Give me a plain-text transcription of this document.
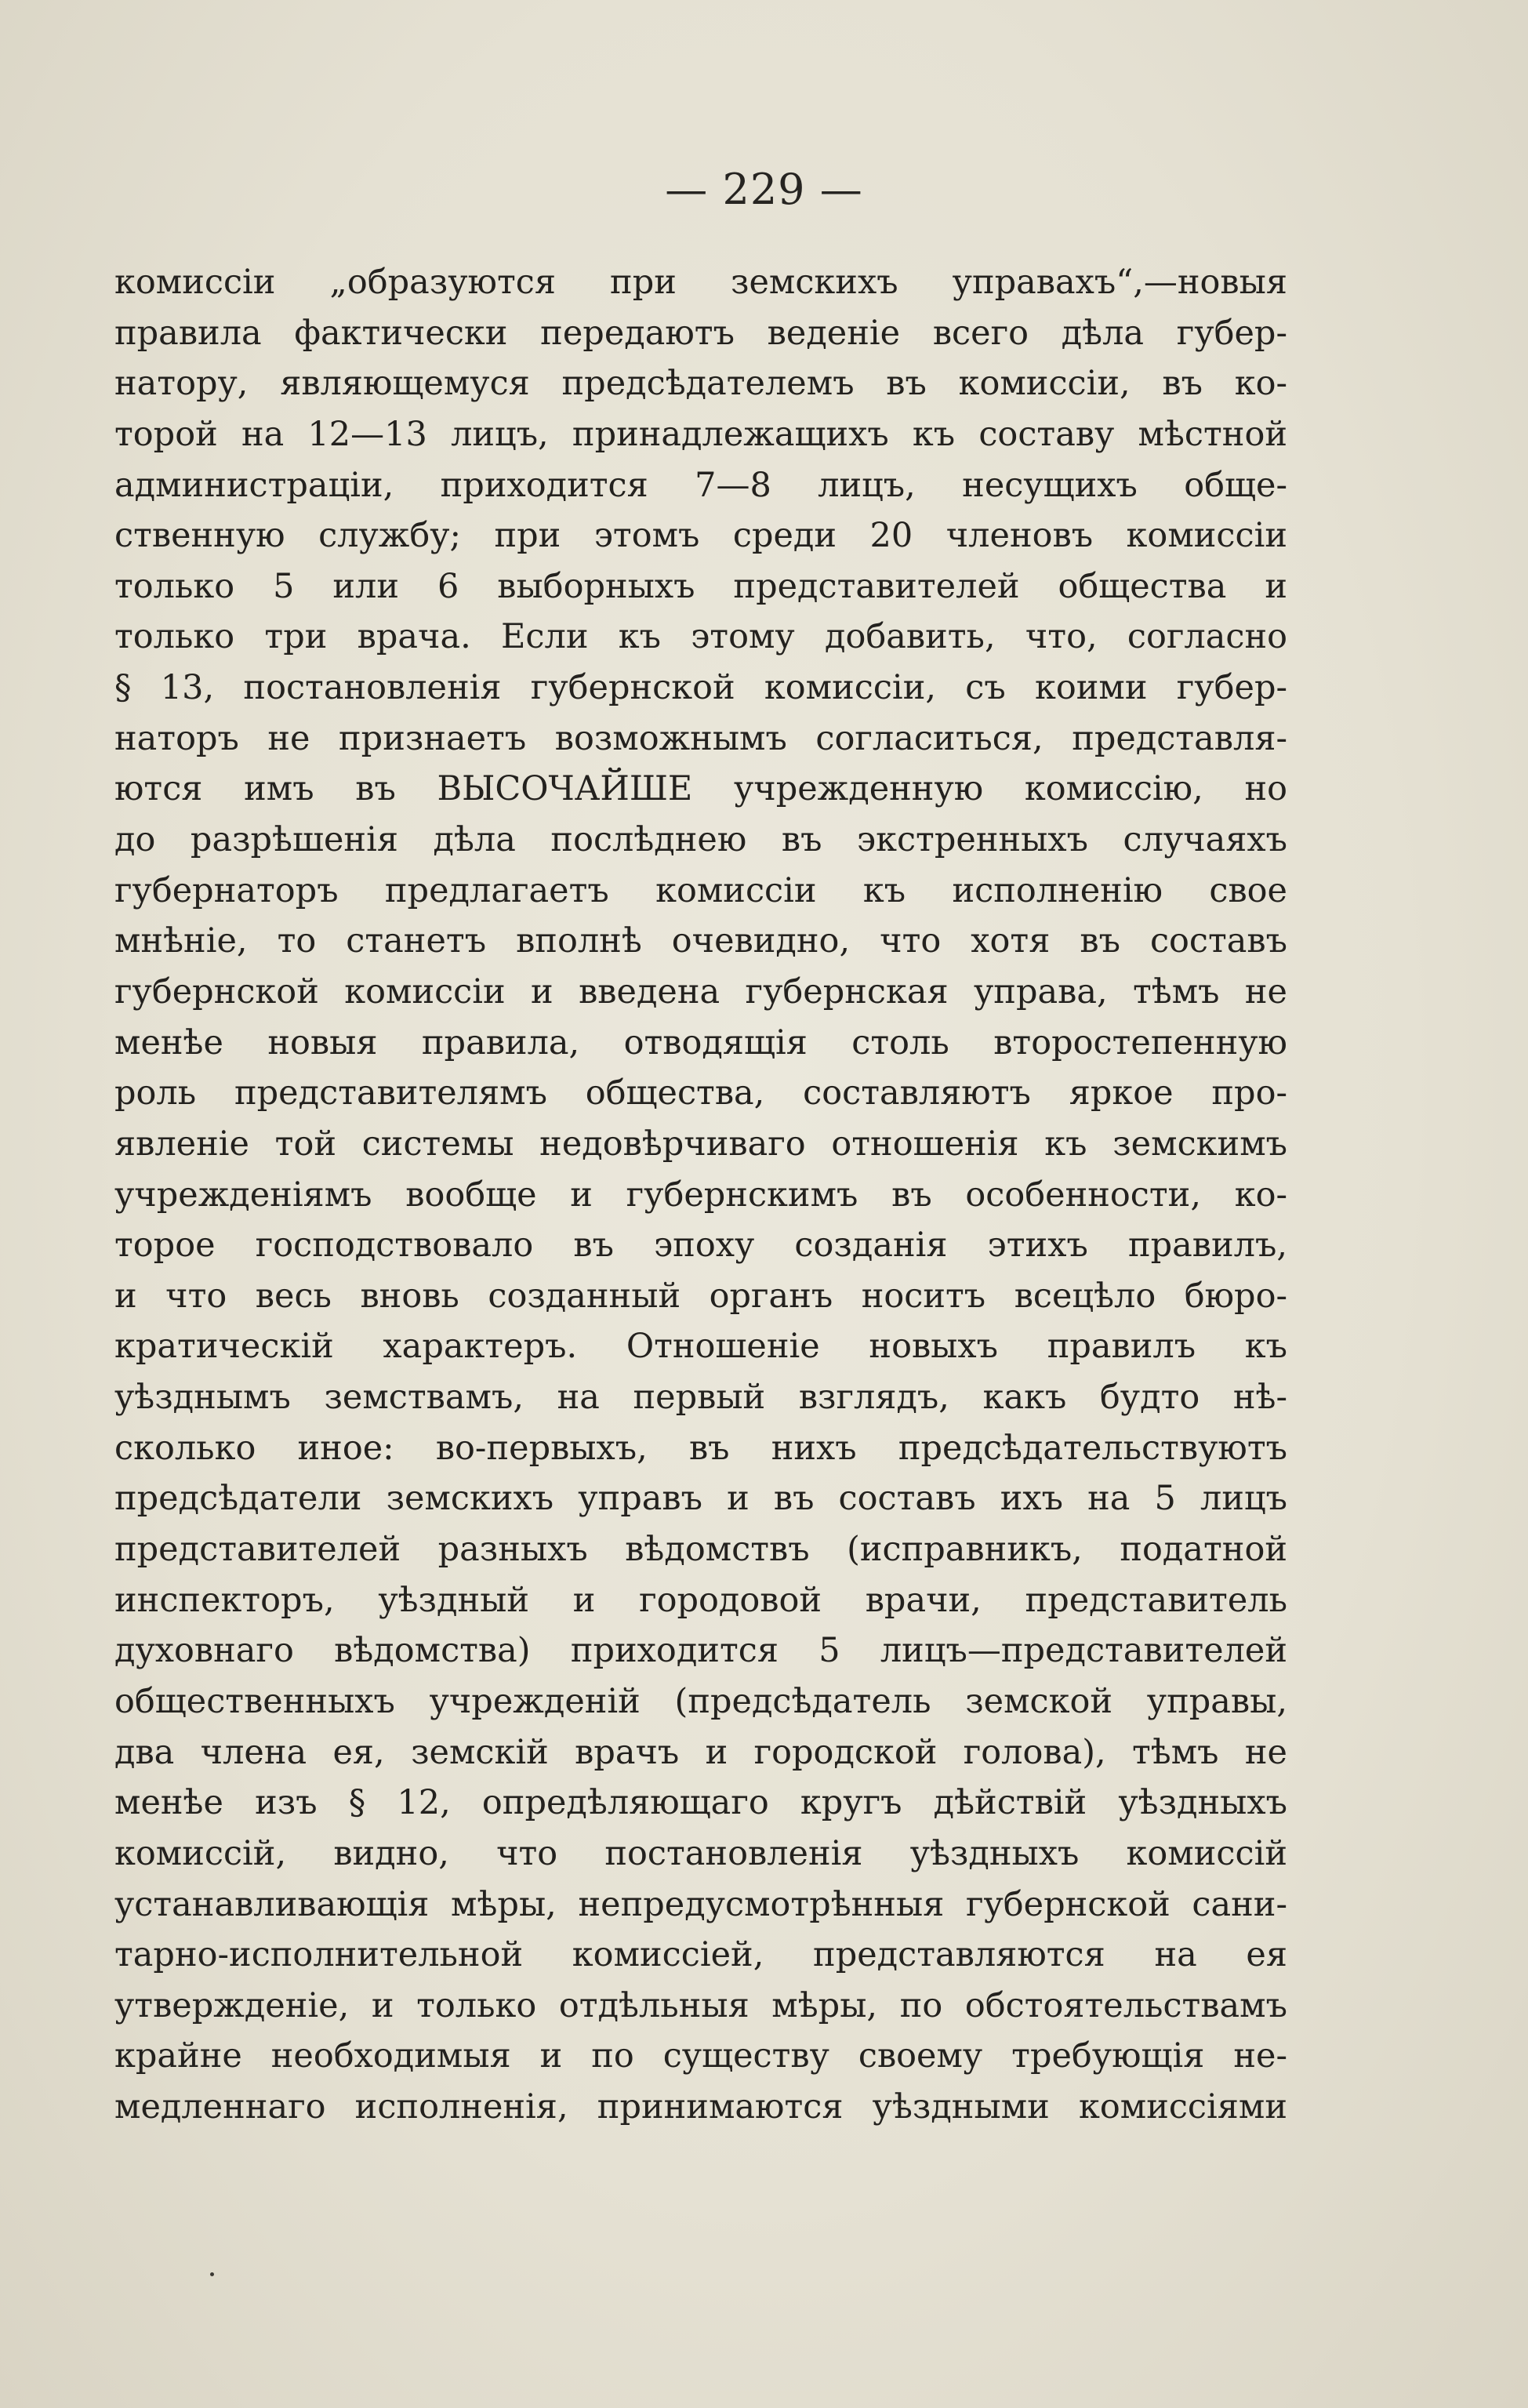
— 229 —
комиссіи „образуются при земскихъ управахъ“,—новыя
правила фактически передаютъ веденіе всего дѣла губер-
натору, являющемуся предсѣдателемъ въ комиссіи, въ ко-
торой на 12—13 лицъ, принадлежащихъ къ составу мѣстной
администраціи, приходится 7—8 лицъ, несущихъ обще-
ственную службу; при этомъ среди 20 членовъ комиссіи
только 5 или 6 выборныхъ представителей общества и
только три врача. Если къ этому добавить, что, согласно
§ 13, постановленія губернской комиссіи, съ коими губер-
наторъ не признаетъ возможнымъ согласиться, представля-
ются имъ въ ВЫСОЧАЙШЕ учрежденную комиссію, но
до разрѣшенія дѣла послѣднею въ экстренныхъ случаяхъ
губернаторъ предлагаетъ комиссіи къ исполненію свое
мнѣніе, то станетъ вполнѣ очевидно, что хотя въ составъ
губернской комиссіи и введена губернская управа, тѣмъ не
менѣе новыя правила, отводящія столь второстепенную
роль представителямъ общества, составляютъ яркое про-
явленіе той системы недовѣрчиваго отношенія къ земскимъ
учрежденіямъ вообще и губернскимъ въ особенности, ко-
торое господствовало въ эпоху созданія этихъ правилъ,
и что весь вновь созданный органъ носитъ всецѣло бюро-
кратическій характеръ. Отношеніе новыхъ правилъ къ
уѣзднымъ земствамъ, на первый взглядъ, какъ будто нѣ-
сколько иное: во-первыхъ, въ нихъ предсѣдательствуютъ
предсѣдатели земскихъ управъ и въ составъ ихъ на 5 лицъ
представителей разныхъ вѣдомствъ (исправникъ, податной
инспекторъ, уѣздный и городовой врачи, представитель
духовнаго вѣдомства) приходится 5 лицъ—представителей
общественныхъ учрежденій (предсѣдатель земской управы,
два члена ея, земскій врачъ и городской голова), тѣмъ не
менѣе изъ § 12, опредѣляющаго кругъ дѣйствій уѣздныхъ
комиссій, видно, что постановленія уѣздныхъ комиссій
устанавливающія мѣры, непредусмотрѣнныя губернской сани-
тарно-исполнительной комиссіей, представляются на ея
утвержденіе, и только отдѣльныя мѣры, по обстоятельствамъ
крайне необходимыя и по существу своему требующія не-
медленнаго исполненія, принимаются уѣздными комиссіями
